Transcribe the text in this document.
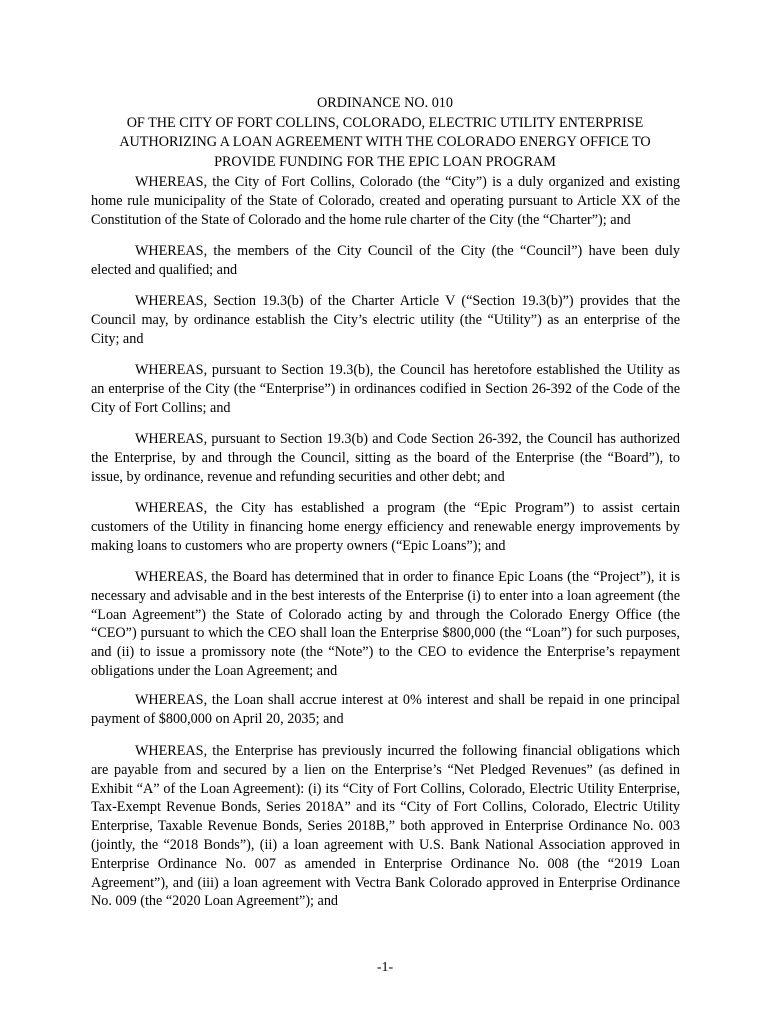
ORDINANCE NO. 010
OF THE CITY OF FORT COLLINS, COLORADO, ELECTRIC UTILITY ENTERPRISE
AUTHORIZING A LOAN AGREEMENT WITH THE COLORADO ENERGY OFFICE TO
PROVIDE FUNDING FOR THE EPIC LOAN PROGRAM

WHEREAS, the City of Fort Collins, Colorado (the “City”) is a duly organized and existing home rule municipality of the State of Colorado, created and operating pursuant to Article XX of the Constitution of the State of Colorado and the home rule charter of the City (the “Charter”); and

WHEREAS, the members of the City Council of the City (the “Council”) have been duly elected and qualified; and

WHEREAS, Section 19.3(b) of the Charter Article V (“Section 19.3(b)”) provides that the Council may, by ordinance establish the City’s electric utility (the “Utility”) as an enterprise of the City; and

WHEREAS, pursuant to Section 19.3(b), the Council has heretofore established the Utility as an enterprise of the City (the “Enterprise”) in ordinances codified in Section 26-392 of the Code of the City of Fort Collins; and

WHEREAS, pursuant to Section 19.3(b) and Code Section 26-392, the Council has authorized the Enterprise, by and through the Council, sitting as the board of the Enterprise (the “Board”), to issue, by ordinance, revenue and refunding securities and other debt; and

WHEREAS, the City has established a program (the “Epic Program”) to assist certain customers of the Utility in financing home energy efficiency and renewable energy improvements by making loans to customers who are property owners (“Epic Loans”); and

WHEREAS, the Board has determined that in order to finance Epic Loans (the “Project”), it is necessary and advisable and in the best interests of the Enterprise (i) to enter into a loan agreement (the “Loan Agreement”) the State of Colorado acting by and through the Colorado Energy Office (the “CEO”) pursuant to which the CEO shall loan the Enterprise $800,000 (the “Loan”) for such purposes, and (ii) to issue a promissory note (the “Note”) to the CEO to evidence the Enterprise’s repayment obligations under the Loan Agreement; and

WHEREAS, the Loan shall accrue interest at 0% interest and shall be repaid in one principal payment of $800,000 on April 20, 2035; and

WHEREAS, the Enterprise has previously incurred the following financial obligations which are payable from and secured by a lien on the Enterprise’s “Net Pledged Revenues” (as defined in Exhibit “A” of the Loan Agreement): (i) its “City of Fort Collins, Colorado, Electric Utility Enterprise, Tax-Exempt Revenue Bonds, Series 2018A” and its “City of Fort Collins, Colorado, Electric Utility Enterprise, Taxable Revenue Bonds, Series 2018B,” both approved in Enterprise Ordinance No. 003 (jointly, the “2018 Bonds”), (ii) a loan agreement with U.S. Bank National Association approved in Enterprise Ordinance No. 007 as amended in Enterprise Ordinance No. 008 (the “2019 Loan Agreement”), and (iii) a loan agreement with Vectra Bank Colorado approved in Enterprise Ordinance No. 009 (the “2020 Loan Agreement”); and

-1-
